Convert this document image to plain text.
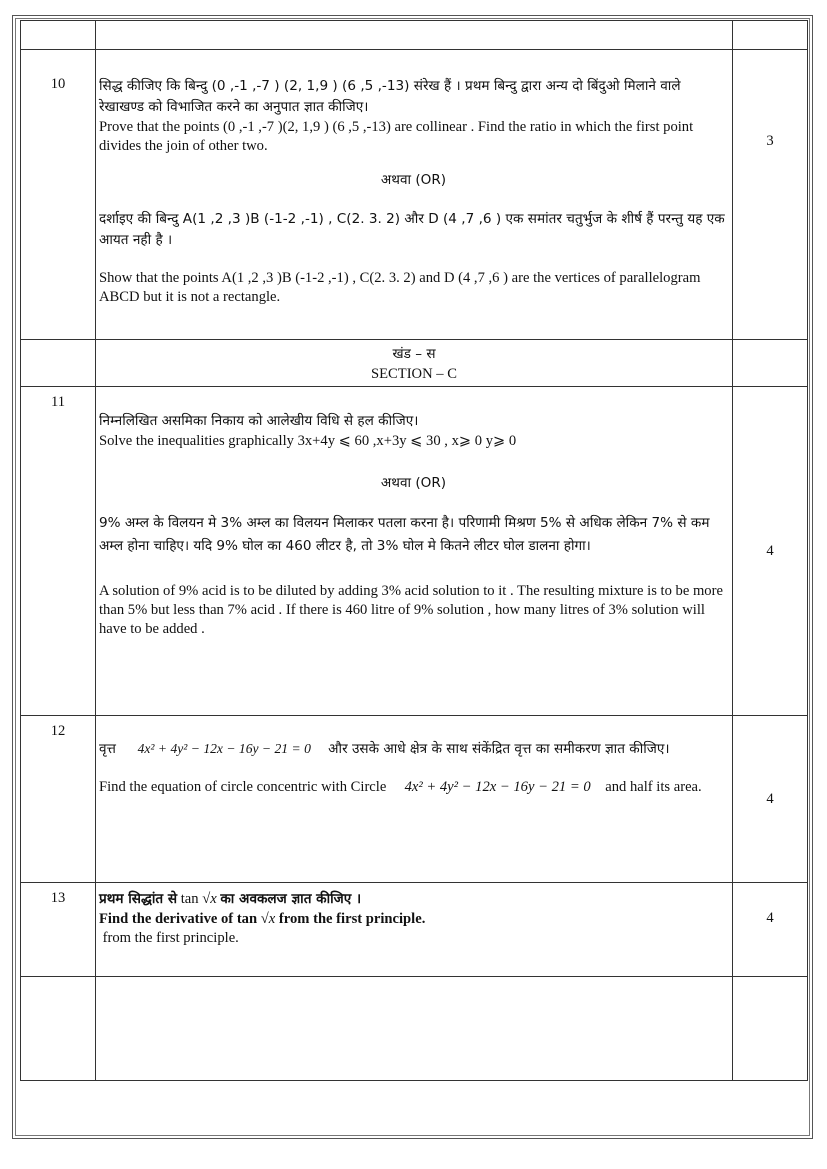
10	सिद्ध कीजिए कि बिन्दु (0 ,-1 ,-7 ) (2, 1,9 ) (6 ,5 ,-13) संरेख हैं । प्रथम बिन्दु द्वारा अन्य दो बिंदुओ मिलाने वाले रेखाखण्ड को विभाजित करने का अनुपात ज्ञात कीजिए।
Prove that the points (0 ,-1 ,-7 )(2, 1,9 ) (6 ,5 ,-13) are collinear . Find the ratio in which the first point divides the join of other two.
अथवा (OR)
दर्शाइए की बिन्दु A(1 ,2 ,3 )B (-1-2 ,-1) , C(2. 3. 2) और D (4 ,7 ,6 ) एक समांतर चतुर्भुज के शीर्ष हैं परन्तु यह एक आयत नही है ।
Show that the points A(1 ,2 ,3 )B (-1-2 ,-1) , C(2. 3. 2) and D (4 ,7 ,6 ) are the vertices of parallelogram ABCD but it is not a rectangle.	3

	खंड – स
SECTION – C	

11	निम्नलिखित असमिका निकाय को आलेखीय विधि से हल कीजिए।
Solve the inequalities graphically 3x+4y ⩽ 60 ,x+3y ⩽ 30 , x⩾ 0 y⩾ 0
अथवा (OR)
9% अम्ल के विलयन मे 3% अम्ल का विलयन मिलाकर पतला करना है। परिणामी मिश्रण 5% से अधिक लेकिन 7% से कम अम्ल होना चाहिए। यदि 9% घोल का 460 लीटर है, तो 3% घोल मे कितने लीटर घोल डालना होगा।
A solution of 9% acid is to be diluted by adding 3% acid solution to it . The resulting mixture is to be more than 5% but less than 7% acid . If there is 460 litre of 9% solution , how many litres of 3% solution will have to be added .	4
12	वृत्त 4x² + 4y² − 12x − 16y − 21 = 0 और उसके आधे क्षेत्र के साथ संकेंद्रित वृत्त का समीकरण ज्ञात कीजिए।
Find the equation of circle concentric with Circle 4x² + 4y² − 12x − 16y − 21 = 0 and half its area.	4
13	प्रथम सिद्धांत से tan √x का अवकलज ज्ञात कीजिए ।
Find the derivative of tan √x from the first principle.
from the first principle.	4
